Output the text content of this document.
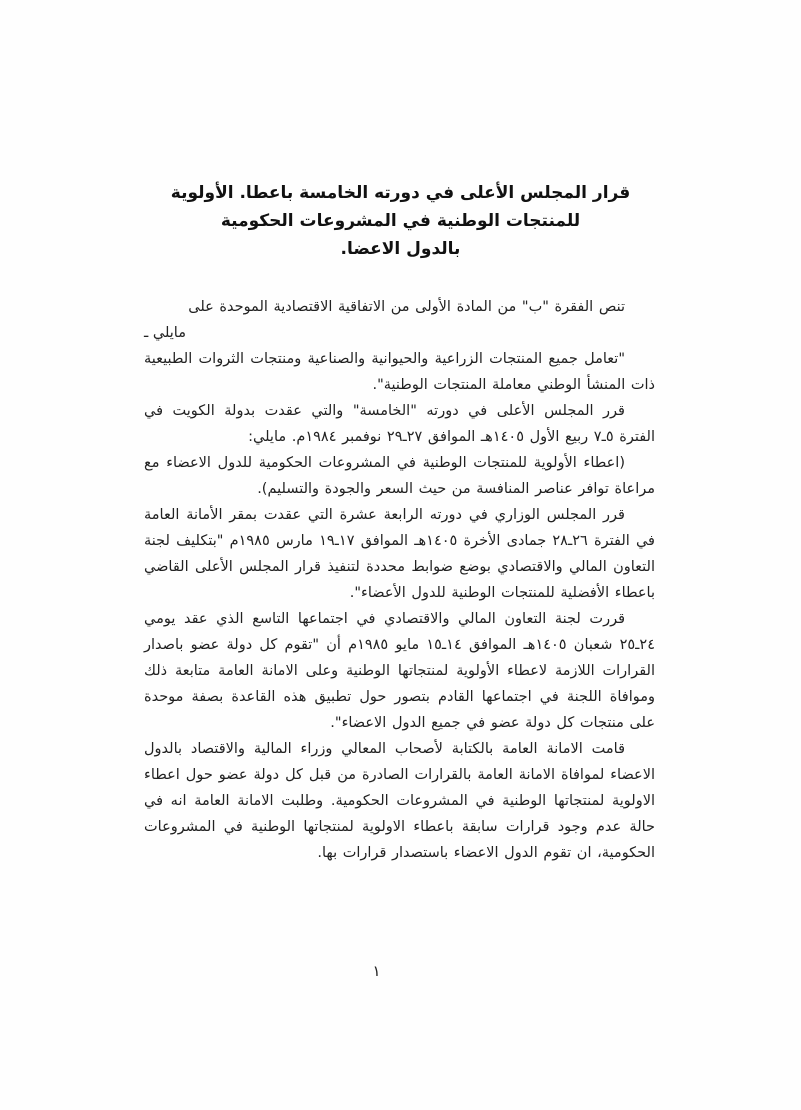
قرار المجلس الأعلى في دورته الخامسة باعطا. الأولوية
للمنتجات الوطنية في المشروعات الحكومية
بالدول الاعضا.

تنص الفقرة "ب" من المادة الأولى من الاتفاقية الاقتصادية الموحدة على

مايلي ـ

"تعامل جميع المنتجات الزراعية والحيوانية والصناعية ومنتجات الثروات الطبيعية ذات المنشأ الوطني معاملة المنتجات الوطنية".

قرر المجلس الأعلى في دورته "الخامسة" والتي عقدت بدولة الكويت في الفترة ٥ـ٧ ربيع الأول ١٤٠٥هـ الموافق ٢٧ـ٢٩ نوفمبر ١٩٨٤م. مايلي:

(اعطاء الأولوية للمنتجات الوطنية في المشروعات الحكومية للدول الاعضاء مع مراعاة توافر عناصر المنافسة من حيث السعر والجودة والتسليم).

قرر المجلس الوزاري في دورته الرابعة عشرة التي عقدت بمقر الأمانة العامة في الفترة ٢٦ـ٢٨ جمادى الأخرة ١٤٠٥هـ الموافق ١٧ـ١٩ مارس ١٩٨٥م "بتكليف لجنة التعاون المالي والاقتصادي بوضع ضوابط محددة لتنفيذ قرار المجلس الأعلى القاضي باعطاء الأفضلية للمنتجات الوطنية للدول الأعضاء".

قررت لجنة التعاون المالي والاقتصادي في اجتماعها التاسع الذي عقد يومي ٢٤ـ٢٥ شعبان ١٤٠٥هـ الموافق ١٤ـ١٥ مايو ١٩٨٥م أن "تقوم كل دولة عضو باصدار القرارات اللازمة لاعطاء الأولوية لمنتجاتها الوطنية وعلى الامانة العامة متابعة ذلك وموافاة اللجنة في اجتماعها القادم بتصور حول تطبيق هذه القاعدة بصفة موحدة على منتجات كل دولة عضو في جميع الدول الاعضاء".

قامت الامانة العامة بالكتابة لأصحاب المعالي وزراء المالية والاقتصاد بالدول الاعضاء لموافاة الامانة العامة بالقرارات الصادرة من قبل كل دولة عضو حول اعطاء الاولوية لمنتجاتها الوطنية في المشروعات الحكومية. وطلبت الامانة العامة انه في حالة عدم وجود قرارات سابقة باعطاء الاولوية لمنتجاتها الوطنية في المشروعات الحكومية، ان تقوم الدول الاعضاء باستصدار قرارات بها.

١
